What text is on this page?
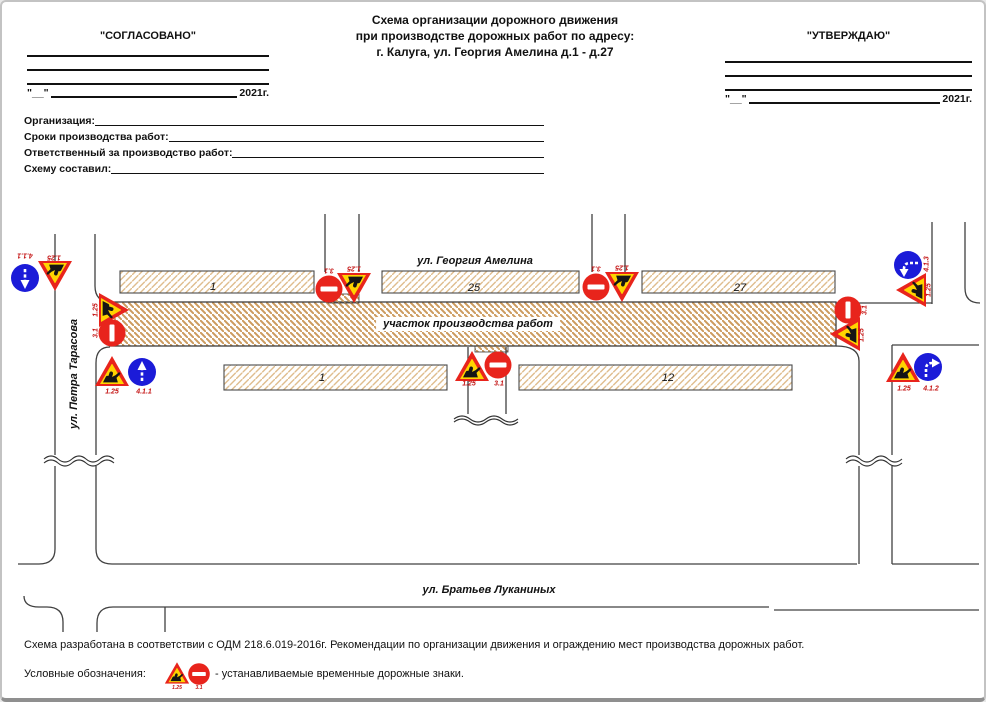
Схема организации дорожного движения
при производстве дорожных работ по адресу:
г. Калуга, ул. Георгия Амелина д.1 - д.27
"СОГЛАСОВАНО"
"__"	2021г.
"УТВЕРЖДАЮ"
"__"	2021г.
Организация:
Сроки производства работ:
Ответственный за производство работ:
Схему составил:
ул. Георгия Амелина
ул. Петра Тарасова
ул. Братьев Луканиных
участок производства работ
1	25	27
1	12
4.1.1 1.25
1.25
3.1
3.1 1.25	3.1 1.25	4.1.3
1.25
3.1
1.25
1.25 4.1.1
1.25	3.1
1.25 4.1.2
1.25	3.1
Схема разработана в соответствии с ОДМ 218.6.019-2016г. Рекомендации по организации движения и ограждению мест производства дорожных работ.
Условные обозначения:	- устанавливаемые временные дорожные знаки.
